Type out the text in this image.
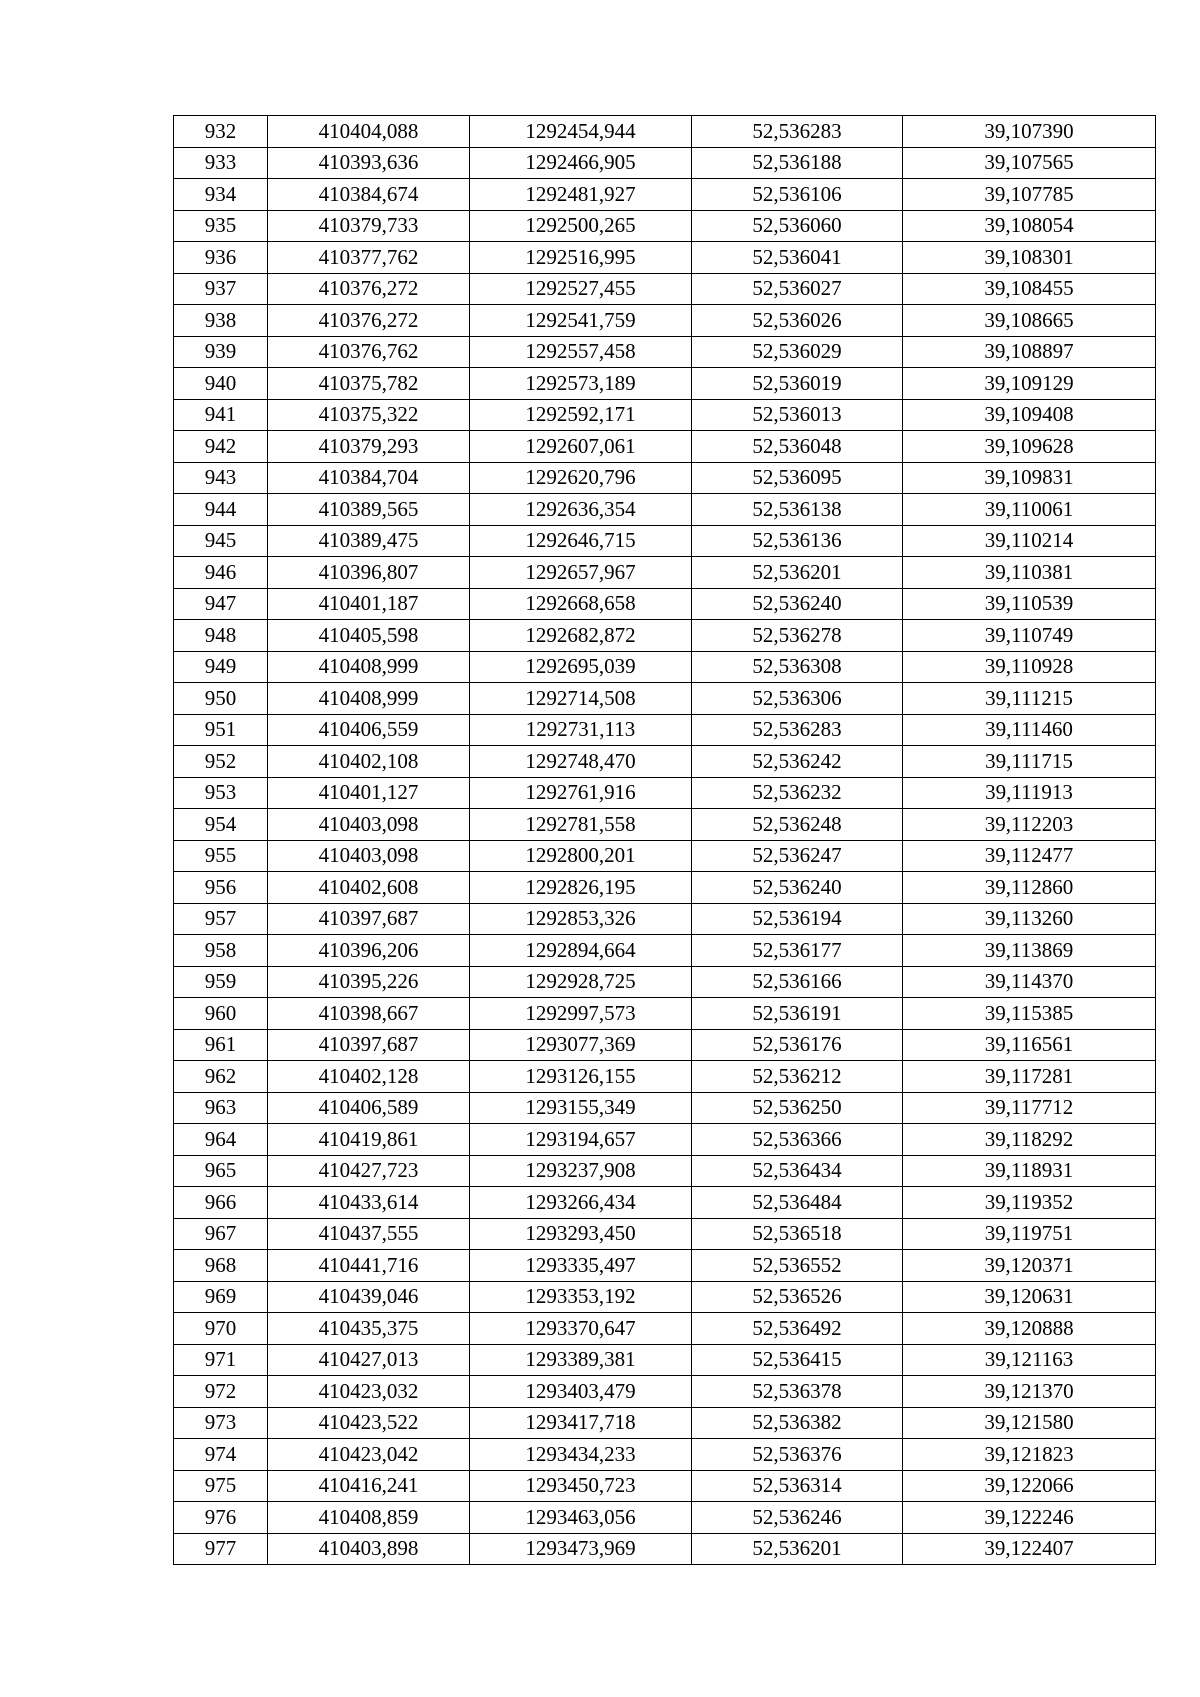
932	410404,088	1292454,944	52,536283	39,107390
933	410393,636	1292466,905	52,536188	39,107565
934	410384,674	1292481,927	52,536106	39,107785
935	410379,733	1292500,265	52,536060	39,108054
936	410377,762	1292516,995	52,536041	39,108301
937	410376,272	1292527,455	52,536027	39,108455
938	410376,272	1292541,759	52,536026	39,108665
939	410376,762	1292557,458	52,536029	39,108897
940	410375,782	1292573,189	52,536019	39,109129
941	410375,322	1292592,171	52,536013	39,109408
942	410379,293	1292607,061	52,536048	39,109628
943	410384,704	1292620,796	52,536095	39,109831
944	410389,565	1292636,354	52,536138	39,110061
945	410389,475	1292646,715	52,536136	39,110214
946	410396,807	1292657,967	52,536201	39,110381
947	410401,187	1292668,658	52,536240	39,110539
948	410405,598	1292682,872	52,536278	39,110749
949	410408,999	1292695,039	52,536308	39,110928
950	410408,999	1292714,508	52,536306	39,111215
951	410406,559	1292731,113	52,536283	39,111460
952	410402,108	1292748,470	52,536242	39,111715
953	410401,127	1292761,916	52,536232	39,111913
954	410403,098	1292781,558	52,536248	39,112203
955	410403,098	1292800,201	52,536247	39,112477
956	410402,608	1292826,195	52,536240	39,112860
957	410397,687	1292853,326	52,536194	39,113260
958	410396,206	1292894,664	52,536177	39,113869
959	410395,226	1292928,725	52,536166	39,114370
960	410398,667	1292997,573	52,536191	39,115385
961	410397,687	1293077,369	52,536176	39,116561
962	410402,128	1293126,155	52,536212	39,117281
963	410406,589	1293155,349	52,536250	39,117712
964	410419,861	1293194,657	52,536366	39,118292
965	410427,723	1293237,908	52,536434	39,118931
966	410433,614	1293266,434	52,536484	39,119352
967	410437,555	1293293,450	52,536518	39,119751
968	410441,716	1293335,497	52,536552	39,120371
969	410439,046	1293353,192	52,536526	39,120631
970	410435,375	1293370,647	52,536492	39,120888
971	410427,013	1293389,381	52,536415	39,121163
972	410423,032	1293403,479	52,536378	39,121370
973	410423,522	1293417,718	52,536382	39,121580
974	410423,042	1293434,233	52,536376	39,121823
975	410416,241	1293450,723	52,536314	39,122066
976	410408,859	1293463,056	52,536246	39,122246
977	410403,898	1293473,969	52,536201	39,122407
